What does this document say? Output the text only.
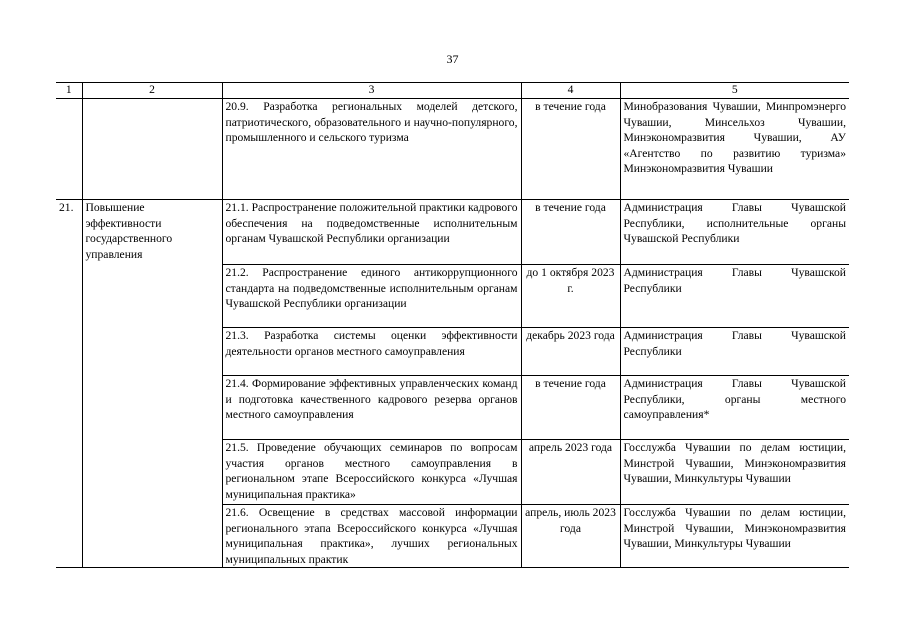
37
1	2	3	4	5
		20.9. Разработка региональных моделей детского, патриотического, образовательного и научно-популярного, промышленного и сельского туризма	в течение года	Минобразования Чувашии, Минпромэнерго Чувашии, Минсельхоз Чувашии, Минэкономразвития Чувашии, АУ «Агентство по развитию туризма» Минэкономразвития Чувашии
21.	Повышение эффективности государственного управления	21.1. Распространение положительной практики кадрового обеспечения на подведомственные исполнительным органам Чувашской Республики организации	в течение года	Администрация Главы Чувашской Республики, исполнительные органы Чувашской Республики
		21.2. Распространение единого антикоррупционного стандарта на подведомственные исполнительным органам Чувашской Республики организации	до 1 октября 2023 г.	Администрация Главы Чувашской Республики
		21.3. Разработка системы оценки эффективности деятельности органов местного самоуправления	декабрь 2023 года	Администрация Главы Чувашской Республики
		21.4. Формирование эффективных управленческих команд и подготовка качественного кадрового резерва органов местного самоуправления	в течение года	Администрация Главы Чувашской Республики, органы местного самоуправления*
		21.5. Проведение обучающих семинаров по вопросам участия органов местного самоуправления в региональном этапе Всероссийского конкурса «Лучшая муниципальная практика»	апрель 2023 года	Госслужба Чувашии по делам юстиции, Минстрой Чувашии, Минэкономразвития Чувашии, Минкультуры Чувашии
		21.6. Освещение в средствах массовой информации регионального этапа Всероссийского конкурса «Лучшая муниципальная практика», лучших региональных муниципальных практик	апрель, июль 2023 года	Госслужба Чувашии по делам юстиции, Минстрой Чувашии, Минэкономразвития Чувашии, Минкультуры Чувашии
